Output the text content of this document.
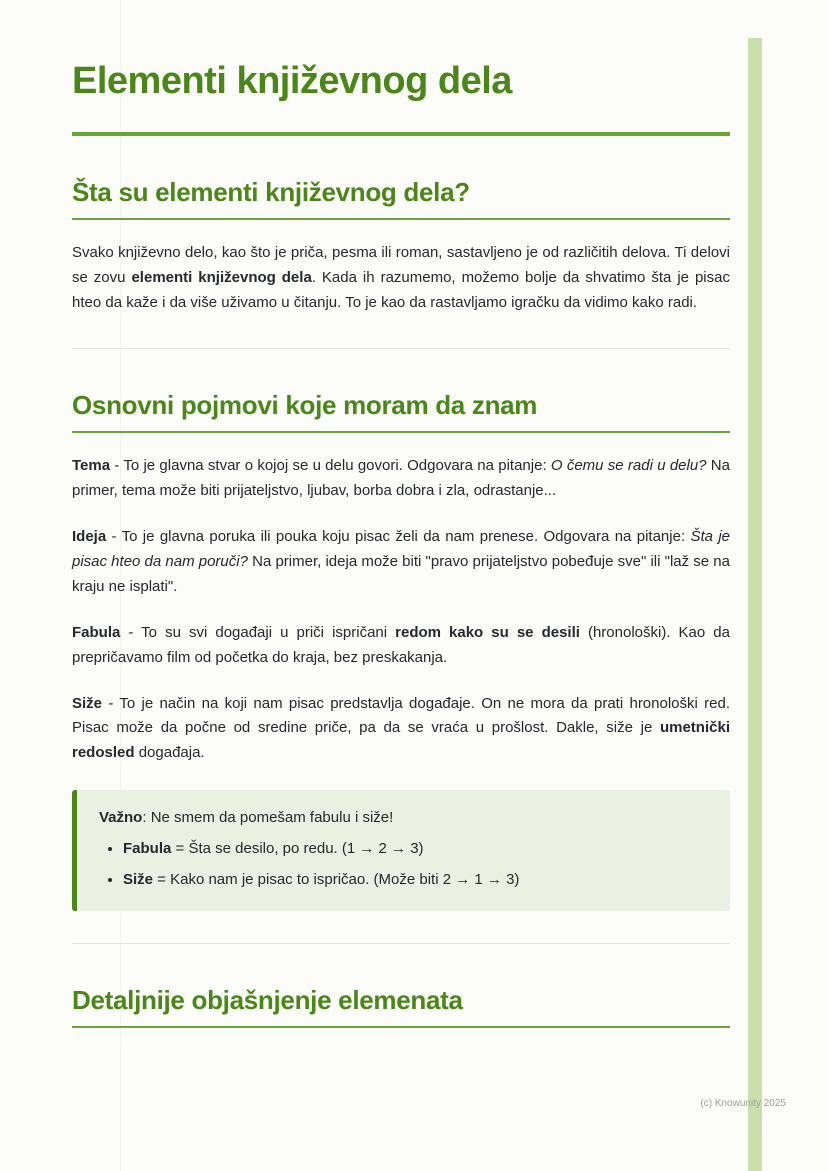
Elementi književnog dela
Šta su elementi književnog dela?

Svako književno delo, kao što je priča, pesma ili roman, sastavljeno je od različitih delova. Ti delovi se zovu elementi književnog dela. Kada ih razumemo, možemo bolje da shvatimo šta je pisac hteo da kaže i da više uživamo u čitanju. To je kao da rastavljamo igračku da vidimo kako radi.

Osnovni pojmovi koje moram da znam

Tema - To je glavna stvar o kojoj se u delu govori. Odgovara na pitanje: O čemu se radi u delu? Na primer, tema može biti prijateljstvo, ljubav, borba dobra i zla, odrastanje...

Ideja - To je glavna poruka ili pouka koju pisac želi da nam prenese. Odgovara na pitanje: Šta je pisac hteo da nam poruči? Na primer, ideja može biti "pravo prijateljstvo pobeđuje sve" ili "laž se na kraju ne isplati".

Fabula - To su svi događaji u priči ispričani redom kako su se desili (hronološki). Kao da prepričavamo film od početka do kraja, bez preskakanja.

Siže - To je način na koji nam pisac predstavlja događaje. On ne mora da prati hronološki red. Pisac može da počne od sredine priče, pa da se vraća u prošlost. Dakle, siže je umetnički redosled događaja.

Važno: Ne smem da pomešam fabulu i siže!

• Fabula = Šta se desilo, po redu. (1 → 2 → 3)
• Siže = Kako nam je pisac to ispričao. (Može biti 2 → 1 → 3)
Detaljnije objašnjenje elemenata
(c) Knowunity 2025
